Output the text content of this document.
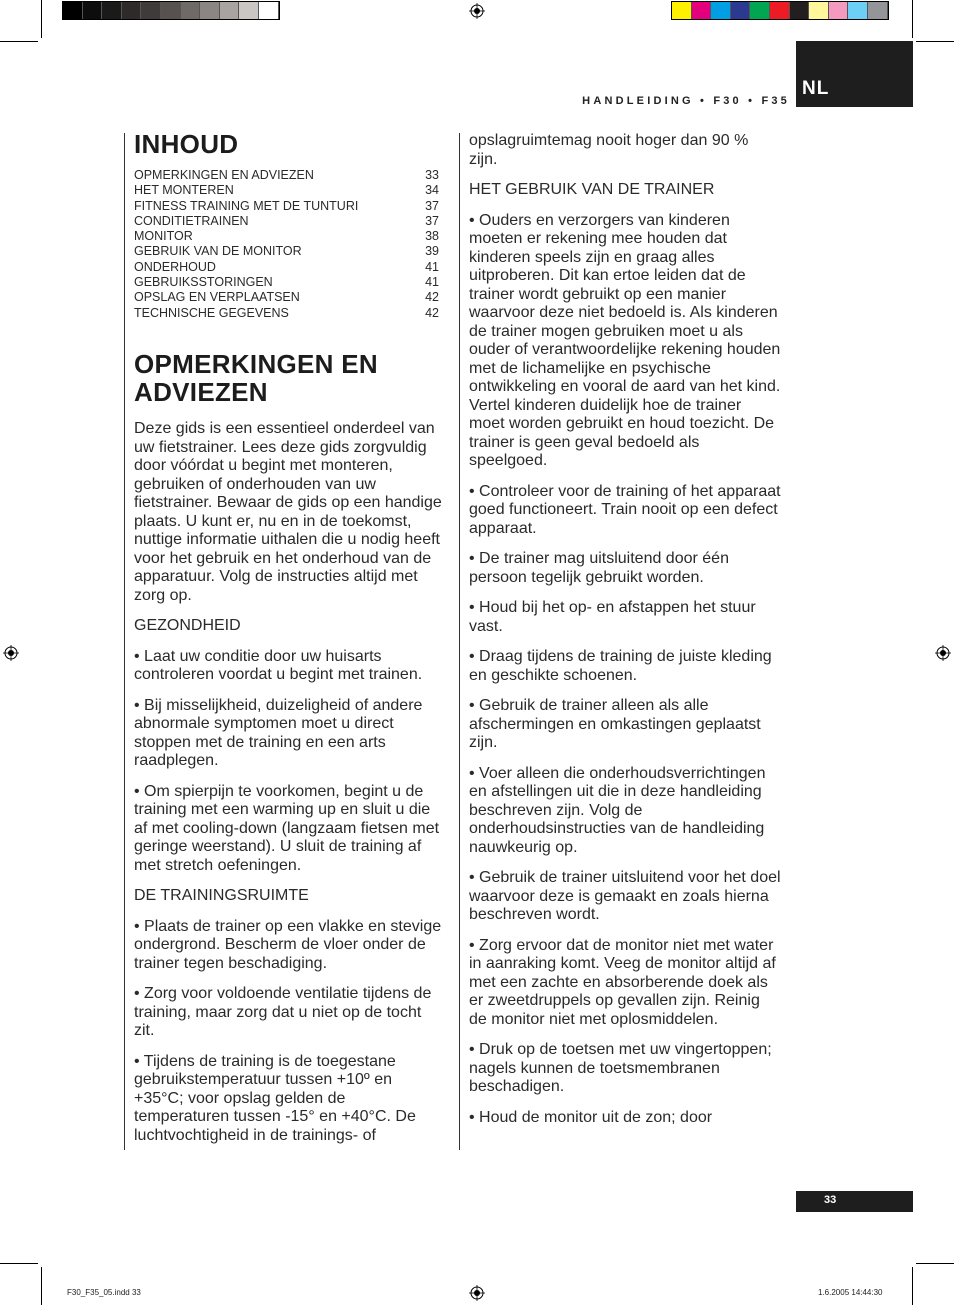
HANDLEIDING • F30 • F35
NL
INHOUD
OPMERKINGEN EN ADVIEZEN	33
HET MONTEREN	34
FITNESS TRAINING MET DE TUNTURI	37
CONDITIETRAINEN	37
MONITOR	38
GEBRUIK VAN DE MONITOR	39
ONDERHOUD	41
GEBRUIKSSTORINGEN	41
OPSLAG EN VERPLAATSEN	42
TECHNISCHE GEGEVENS	42
OPMERKINGEN EN
ADVIEZEN

Deze gids is een essentieel onderdeel van uw fietstrainer. Lees deze gids zorgvuldig door vóórdat u begint met monteren, gebruiken of onderhouden van uw fietstrainer. Bewaar de gids op een handige plaats. U kunt er, nu en in de toekomst, nuttige informatie uithalen die u nodig heeft voor het gebruik en het onderhoud van de apparatuur. Volg de instructies altijd met zorg op.

GEZONDHEID

• Laat uw conditie door uw huisarts controleren voordat u begint met trainen.

• Bij misselijkheid, duizeligheid of andere abnormale symptomen moet u direct stoppen met de training en een arts raadplegen.

• Om spierpijn te voorkomen, begint u de training met een warming up en sluit u die af met cooling-down (langzaam fietsen met geringe weerstand). U sluit de training af met stretch oefeningen.

DE TRAININGSRUIMTE

• Plaats de trainer op een vlakke en stevige ondergrond. Bescherm de vloer onder de trainer tegen beschadiging.

• Zorg voor voldoende ventilatie tijdens de training, maar zorg dat u niet op de tocht zit.

• Tijdens de training is de toegestane gebruikstemperatuur tussen +10º en +35°C; voor opslag gelden de temperaturen tussen -15° en +40°C. De luchtvochtigheid in de trainings- of

opslagruimtemag nooit hoger dan 90 % zijn.

HET GEBRUIK VAN DE TRAINER

• Ouders en verzorgers van kinderen moeten er rekening mee houden dat kinderen speels zijn en graag alles uitproberen. Dit kan ertoe leiden dat de trainer wordt gebruikt op een manier waarvoor deze niet bedoeld is. Als kinderen de trainer mogen gebruiken moet u als ouder of verantwoordelijke rekening houden met de lichamelijke en psychische ontwikkeling en vooral de aard van het kind. Vertel kinderen duidelijk hoe de trainer moet worden gebruikt en houd toezicht. De trainer is geen geval bedoeld als speelgoed.

• Controleer voor de training of het apparaat goed functioneert. Train nooit op een defect apparaat.

• De trainer mag uitsluitend door één persoon tegelijk gebruikt worden.

• Houd bij het op- en afstappen het stuur vast.

• Draag tijdens de training de juiste kleding en geschikte schoenen.

• Gebruik de trainer alleen als alle afschermingen en omkastingen geplaatst zijn.

• Voer alleen die onderhoudsverrichtingen en afstellingen uit die in deze handleiding beschreven zijn. Volg de onderhoudsinstructies van de handleiding nauwkeurig op.

• Gebruik de trainer uitsluitend voor het doel waarvoor deze is gemaakt en zoals hierna beschreven wordt.

• Zorg ervoor dat de monitor niet met water in aanraking komt. Veeg de monitor altijd af met een zachte en absorberende doek als er zweetdruppels op gevallen zijn. Reinig de monitor niet met oplosmiddelen.

• Druk op de toetsen met uw vingertoppen; nagels kunnen de toetsmembranen beschadigen.

• Houd de monitor uit de zon; door

33
F30_F35_05.indd 33	1.6.2005 14:44:30
